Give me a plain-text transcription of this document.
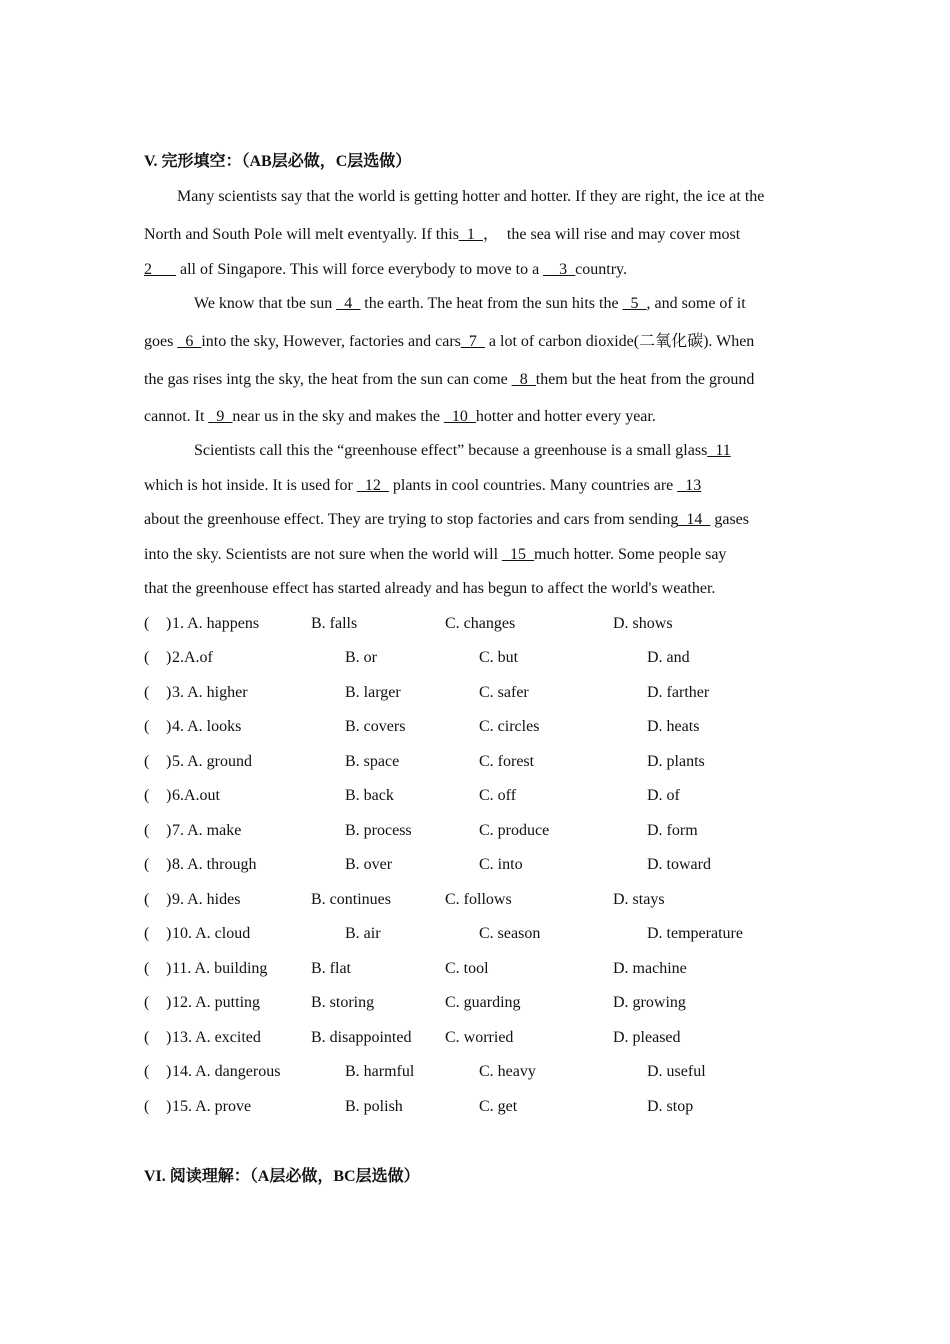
V. 完形填空：（AB层必做，C层选做）
Many scientists say that the world is getting hotter and hotter. If they are right, the ice at the
North and South Pole will melt eventyally. If this_1_，  the sea will rise and may cover most
2___ all of Singapore. This will force everybody to move to a __3_country.
We know that tbe sun _4_ the earth. The heat from the sun hits the _5_, and some of it
goes _6_into the sky, However, factories and cars_7_ a lot of carbon dioxide(二氧化碳). When
the gas rises intg the sky, the heat from the sun can come _8_them but the heat from the ground
cannot. It _9_near us in the sky and makes the _10_hotter and hotter every year.
Scientists call this the “greenhouse effect” because a greenhouse is a small glass_11
which is hot inside. It is used for _12_ plants in cool countries. Many countries are _13
about the greenhouse effect. They are trying to stop factories and cars from sending_14_ gases
into the sky. Scientists are not sure when the world will _15_much hotter. Some people say
that the greenhouse effect has started already and has begun to affect the world's weather.

( ) 1. A. happens	B. falls	C. changes	D. shows

( ) 2.A.of	B. or	C. but	D. and

( ) 3. A. higher	B. larger	C. safer	D. farther

( ) 4. A. looks	B. covers	C. circles	D. heats

( ) 5. A. ground	B. space	C. forest	D. plants

( ) 6.A.out	B. back	C. off	D. of

( ) 7. A. make	B. process	C. produce	D. form

( ) 8. A. through	B. over	C. into	D. toward

( ) 9. A. hides	B. continues	C. follows	D. stays

( ) 10. A. cloud	B. air	C. season	D. temperature

( ) 11. A. building	B. flat	C. tool	D. machine

( ) 12. A. putting	B. storing	C. guarding	D. growing

( ) 13. A. excited	B. disappointed C. worried	D. pleased

( ) 14. A. dangerous	B. harmful	C. heavy	D. useful

( ) 15. A. prove	B. polish	C. get	D. stop

VI. 阅读理解：（A层必做，BC层选做）
